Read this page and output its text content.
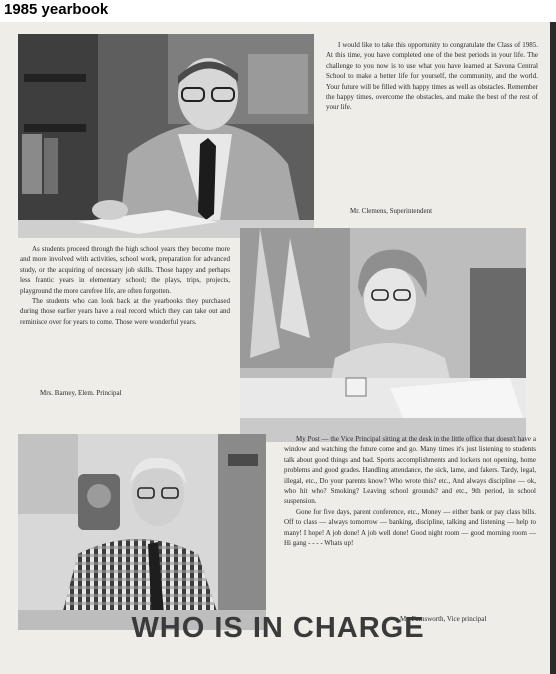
1985 yearbook

I would like to take this opportunity to congratulate the Class of 1985. At this time, you have completed one of the best periods in your life. The challenge to you now is to use what you have learned at Savona Central School to make a better life for yourself, the community, and the world. Your future will be filled with happy times as well as obstacles. Remember the happy times, overcome the obstacles, and make the best of the rest of your life.

Mr. Clemens, Superintendent

As students proceed through the high school years they become more and more involved with activities, school work, preparation for advanced study, or the acquiring of necessary job skills. Those happy and perhaps less frantic years in elementary school; the plays, trips, projects, playground the more carefree life, are often forgotten.

The students who can look back at the yearbooks they purchased during those earlier years have a real record which they can take out and reminisce over for years to come. Those were wonderful years.

Mrs. Barney, Elem. Principal

My Post — the Vice Principal sitting at the desk in the little office that doesn't have a window and watching the future come and go. Many times it's just listening to students talk about good things and bad. Sports accomplishments and lockers not opening, home problems and good grades. Handling attendance, the sick, lame, and fakers. Tardy, legal, illegal, etc., Do your parents know? Who wrote this? etc., And always discipline — ok, who hit who? Smoking? Leaving school grounds? and etc., 9th period, in school suspension.

Gone for five days, parent conference, etc., Money — either bank or pay class bills. Off to class — always tomorrow — banking, discipline, talking and listening — help to many! I hope! A job done! A job well done! Good night room — good morning room — Hi gang - - - - Whats up!

Mr. Farnsworth, Vice principal
WHO IS IN CHARGE
